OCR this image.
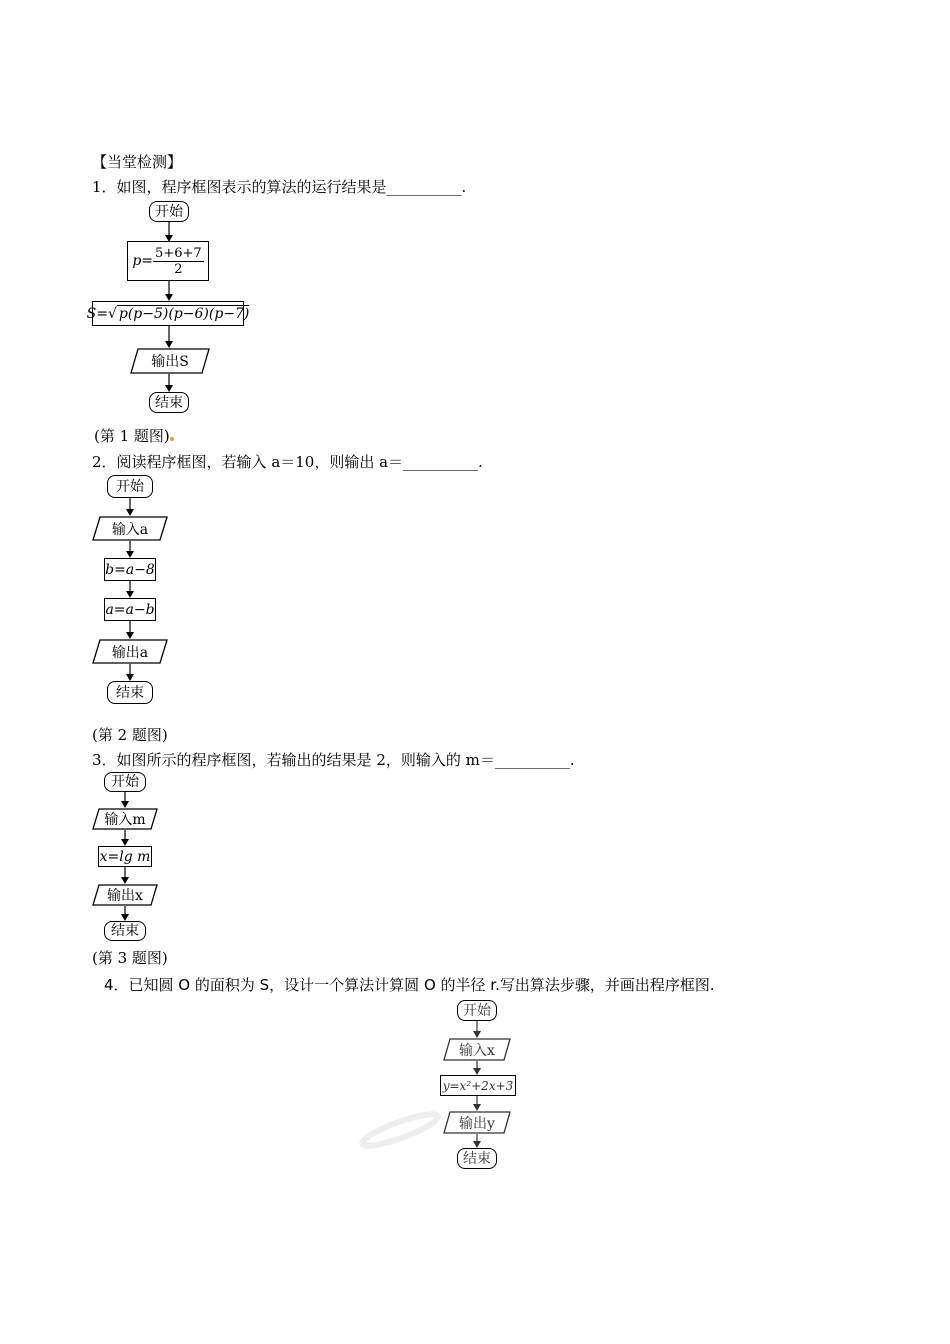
【当堂检测】
1．如图，程序框图表示的算法的运行结果是__________.
开始
$p= \frac{5+6+7}{2}$
S= √ p(p−5)(p−6)(p−7)
输出S
结束
(第 1 题图)
2．阅读程序框图，若输入 a＝10，则输出 a＝__________.
开始
输入a
b=a−8
a=a−b
输出a
结束
(第 2 题图)
3．如图所示的程序框图，若输出的结果是 2，则输入的 m＝__________.
开始
输入m
x=lg m
输出x
结束
(第 3 题图)
4．已知圆 O 的面积为 S，设计一个算法计算圆 O 的半径 r.写出算法步骤，并画出程序框图.
开始
输入x
y=x²+2x+3
输出y
结束
